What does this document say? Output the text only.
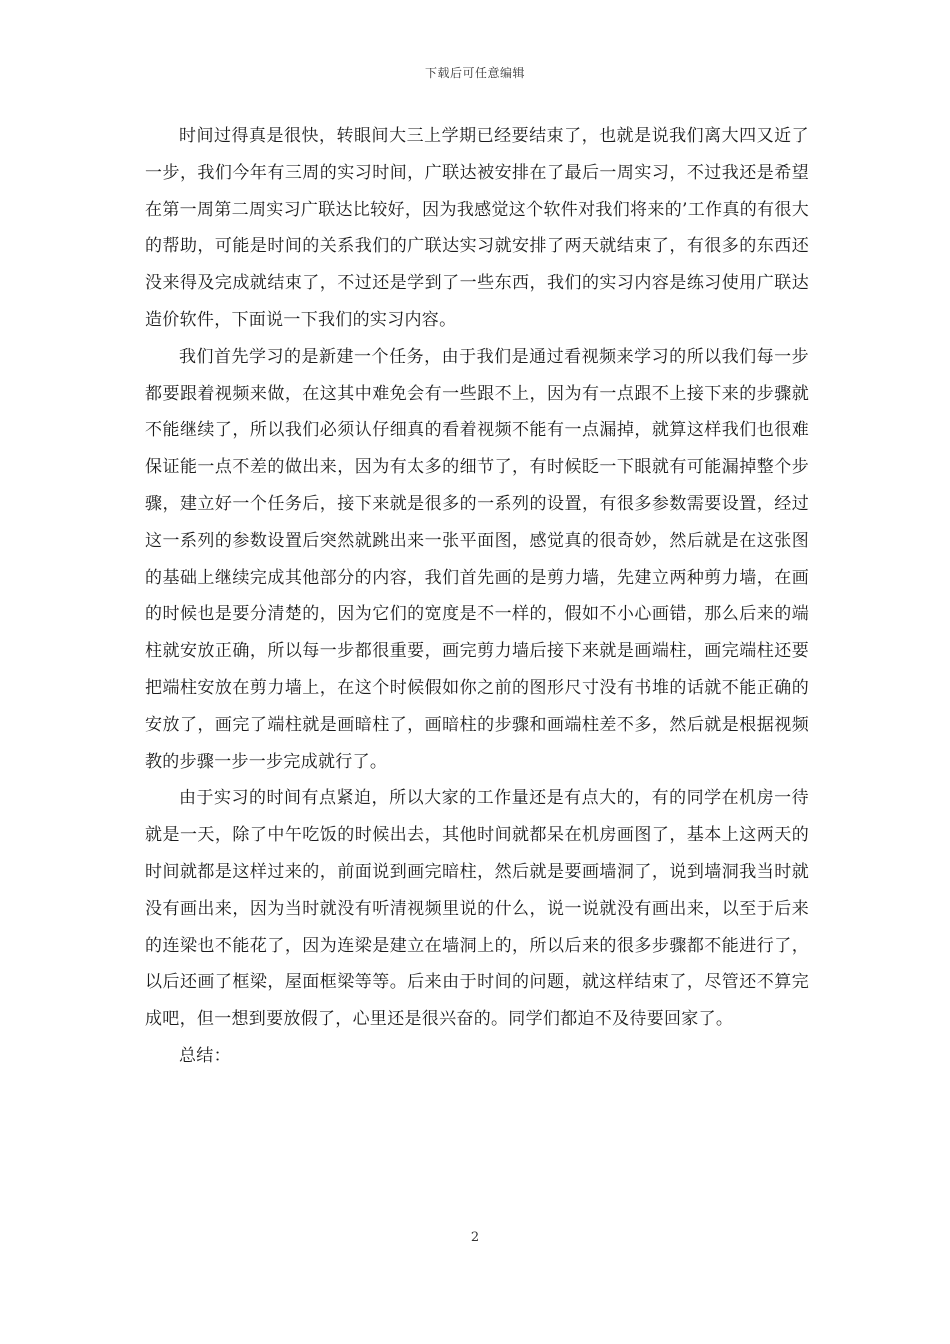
下载后可任意编辑

时间过得真是很快，转眼间大三上学期已经要结束了，也就是说我们离大四又近了一步，我们今年有三周的实习时间，广联达被安排在了最后一周实习，不过我还是希望在第一周第二周实习广联达比较好，因为我感觉这个软件对我们将来的’工作真的有很大的帮助，可能是时间的关系我们的广联达实习就安排了两天就结束了，有很多的东西还没来得及完成就结束了，不过还是学到了一些东西，我们的实习内容是练习使用广联达造价软件，下面说一下我们的实习内容。

我们首先学习的是新建一个任务，由于我们是通过看视频来学习的所以我们每一步都要跟着视频来做，在这其中难免会有一些跟不上，因为有一点跟不上接下来的步骤就不能继续了，所以我们必须认仔细真的看着视频不能有一点漏掉，就算这样我们也很难保证能一点不差的做出来，因为有太多的细节了，有时候眨一下眼就有可能漏掉整个步骤，建立好一个任务后，接下来就是很多的一系列的设置，有很多参数需要设置，经过这一系列的参数设置后突然就跳出来一张平面图，感觉真的很奇妙，然后就是在这张图的基础上继续完成其他部分的内容，我们首先画的是剪力墙，先建立两种剪力墙，在画的时候也是要分清楚的，因为它们的宽度是不一样的，假如不小心画错，那么后来的端柱就安放正确，所以每一步都很重要，画完剪力墙后接下来就是画端柱，画完端柱还要把端柱安放在剪力墙上，在这个时候假如你之前的图形尺寸没有书堆的话就不能正确的安放了，画完了端柱就是画暗柱了，画暗柱的步骤和画端柱差不多，然后就是根据视频教的步骤一步一步完成就行了。

由于实习的时间有点紧迫，所以大家的工作量还是有点大的，有的同学在机房一待就是一天，除了中午吃饭的时候出去，其他时间就都呆在机房画图了，基本上这两天的时间就都是这样过来的，前面说到画完暗柱，然后就是要画墙洞了，说到墙洞我当时就没有画出来，因为当时就没有听清视频里说的什么，说一说就没有画出来，以至于后来的连梁也不能花了，因为连梁是建立在墙洞上的，所以后来的很多步骤都不能进行了，以后还画了框梁，屋面框梁等等。后来由于时间的问题，就这样结束了，尽管还不算完成吧，但一想到要放假了，心里还是很兴奋的。同学们都迫不及待要回家了。

总结：

2
